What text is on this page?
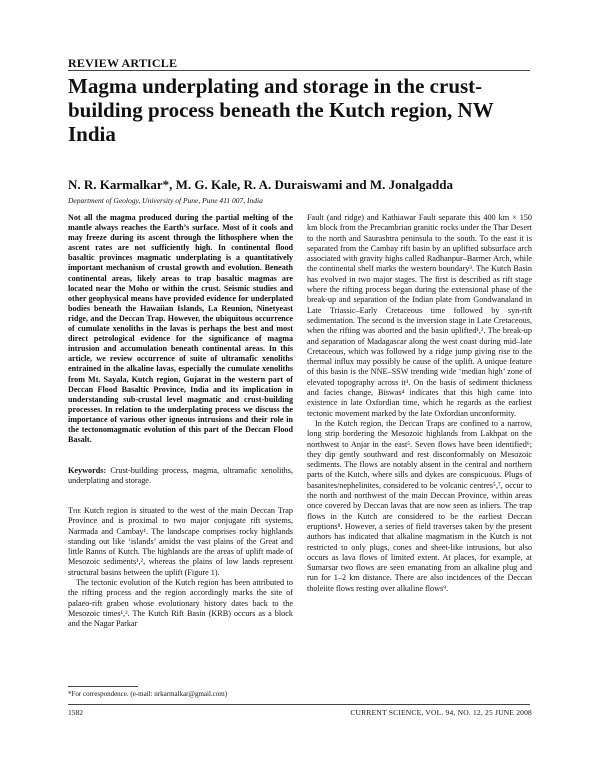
REVIEW ARTICLE
Magma underplating and storage in the crust-building process beneath the Kutch region, NW India
N. R. Karmalkar*, M. G. Kale, R. A. Duraiswami and M. Jonalgadda
Department of Geology, University of Pune, Pune 411 007, India
Not all the magma produced during the partial melting of the mantle always reaches the Earth’s surface. Most of it cools and may freeze during its ascent through the lithosphere when the ascent rates are not sufficiently high. In continental flood basaltic provinces magmatic underplating is a quantitatively important mechanism of crustal growth and evolution. Beneath continental areas, likely areas to trap basaltic magmas are located near the Moho or within the crust. Seismic studies and other geophysical means have provided evidence for underplated bodies beneath the Hawaiian Islands, La Reunion, Ninetyeast ridge, and the Deccan Trap. However, the ubiquitous occurrence of cumulate xenoliths in the lavas is perhaps the best and most direct petrological evidence for the significance of magma intrusion and accumulation beneath continental areas. In this article, we review occurrence of suite of ultramafic xenoliths entrained in the alkaline lavas, especially the cumulate xenoliths from Mt. Sayala, Kutch region, Gujarat in the western part of Deccan Flood Basaltic Province, India and its implication in understanding sub-crustal level magmatic and crust-building processes. In relation to the underplating process we discuss the importance of various other igneous intrusions and their role in the tectonomagmatic evolution of this part of the Deccan Flood Basalt.
Keywords: Crust-building process, magma, ultramafic xenoliths, underplating and storage.

The Kutch region is situated to the west of the main Deccan Trap Province and is proximal to two major conjugate rift systems, Narmada and Cambay¹. The landscape comprises rocky highlands standing out like ‘islands’ amidst the vast plains of the Great and little Ranns of Kutch. The highlands are the areas of uplift made of Mesozoic sediments¹,², whereas the plains of low lands represent structural basins between the uplift (Figure 1).

The tectonic evolution of the Kutch region has been attributed to the rifting process and the region accordingly marks the site of palaeo-rift graben whose evolutionary history dates back to the Mesozoic times¹,². The Kutch Rift Basin (KRB) occurs as a block and the Nagar Parkar

Fault (and ridge) and Kathiawar Fault separate this 400 km × 150 km block from the Precambrian granitic rocks under the Thar Desert to the north and Saurashtra peninsula to the south. To the east it is separated from the Cambay rift basin by an uplifted subsurface arch associated with gravity highs called Radhanpur–Barmer Arch, while the continental shelf marks the western boundary³. The Kutch Basin has evolved in two major stages. The first is described as rift stage where the rifting process began during the extensional phase of the break-up and separation of the Indian plate from Gondwanaland in Late Triassic–Early Cretaceous time followed by syn-rift sedimentation. The second is the inversion stage in Late Cretaceous, when the rifting was aborted and the basin uplifted¹,². The break-up and separation of Madagascar along the west coast during mid–late Cretaceous, which was followed by a ridge jump giving rise to the thermal influx may possibly be cause of the uplift. A unique feature of this basin is the NNE–SSW trending wide ‘median high’ zone of elevated topography across it³. On the basis of sediment thickness and facies change, Biswas⁴ indicates that this high came into existence in late Oxfordian time, which he regards as the earliest tectonic movement marked by the late Oxfordian unconformity.

In the Kutch region, the Deccan Traps are confined to a narrow, long strip bordering the Mesozoic highlands from Lakhpat on the northwest to Anjar in the east⁵. Seven flows have been identified⁶; they dip gently southward and rest disconformably on Mesozoic sediments. The flows are notably absent in the central and northern parts of the Kutch, where sills and dykes are conspicuous. Plugs of basanites/nephelinites, considered to be volcanic centres⁵,⁷, occur to the north and northwest of the main Deccan Province, within areas once covered by Deccan lavas that are now seen as inliers. The trap flows in the Kutch are considered to be the earliest Deccan eruptions⁸. However, a series of field traverses taken by the present authors has indicated that alkaline magmatism in the Kutch is not restricted to only plugs, cones and sheet-like intrusions, but also occurs as lava flows of limited extent. At places, for example, at Sumarsar two flows are seen emanating from an alkaline plug and run for 1–2 km distance. There are also incidences of the Deccan tholeiite flows resting over alkaline flows⁹.

*For correspondence. (e-mail: nrkarmalkar@gmail.com)
1582	CURRENT SCIENCE, VOL. 94, NO. 12, 25 JUNE 2008
